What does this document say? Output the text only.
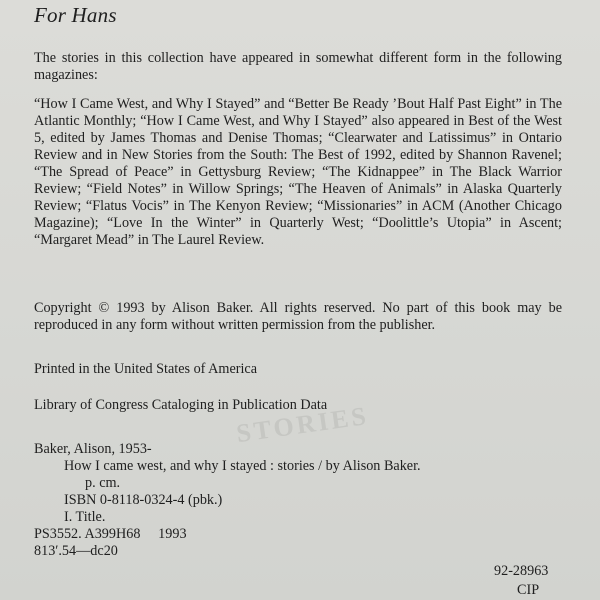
STORIES
For Hans
The stories in this collection have appeared in somewhat different form in the following magazines:
“How I Came West, and Why I Stayed” and “Better Be Ready ’Bout Half Past Eight” in The Atlantic Monthly; “How I Came West, and Why I Stayed” also appeared in Best of the West 5, edited by James Thomas and Denise Thomas; “Clearwater and Latissimus” in Ontario Review and in New Stories from the South: The Best of 1992, edited by Shannon Ravenel; “The Spread of Peace” in Gettysburg Review; “The Kidnappee” in The Black Warrior Review; “Field Notes” in Willow Springs; “The Heaven of Animals” in Alaska Quarterly Review; “Flatus Vocis” in The Kenyon Review; “Missionaries” in ACM (Another Chicago Magazine); “Love In the Winter” in Quarterly West; “Doolittle’s Utopia” in Ascent; “Margaret Mead” in The Laurel Review.
Copyright © 1993 by Alison Baker. All rights reserved. No part of this book may be reproduced in any form without written permission from the publisher.
Printed in the United States of America
Library of Congress Cataloging in Publication Data
Baker, Alison, 1953-
How I came west, and why I stayed : stories / by Alison Baker.
p. cm.
ISBN 0-8118-0324-4 (pbk.)
I. Title.
PS3552. A399H68     1993
813′.54—dc20
92-28963
CIP
